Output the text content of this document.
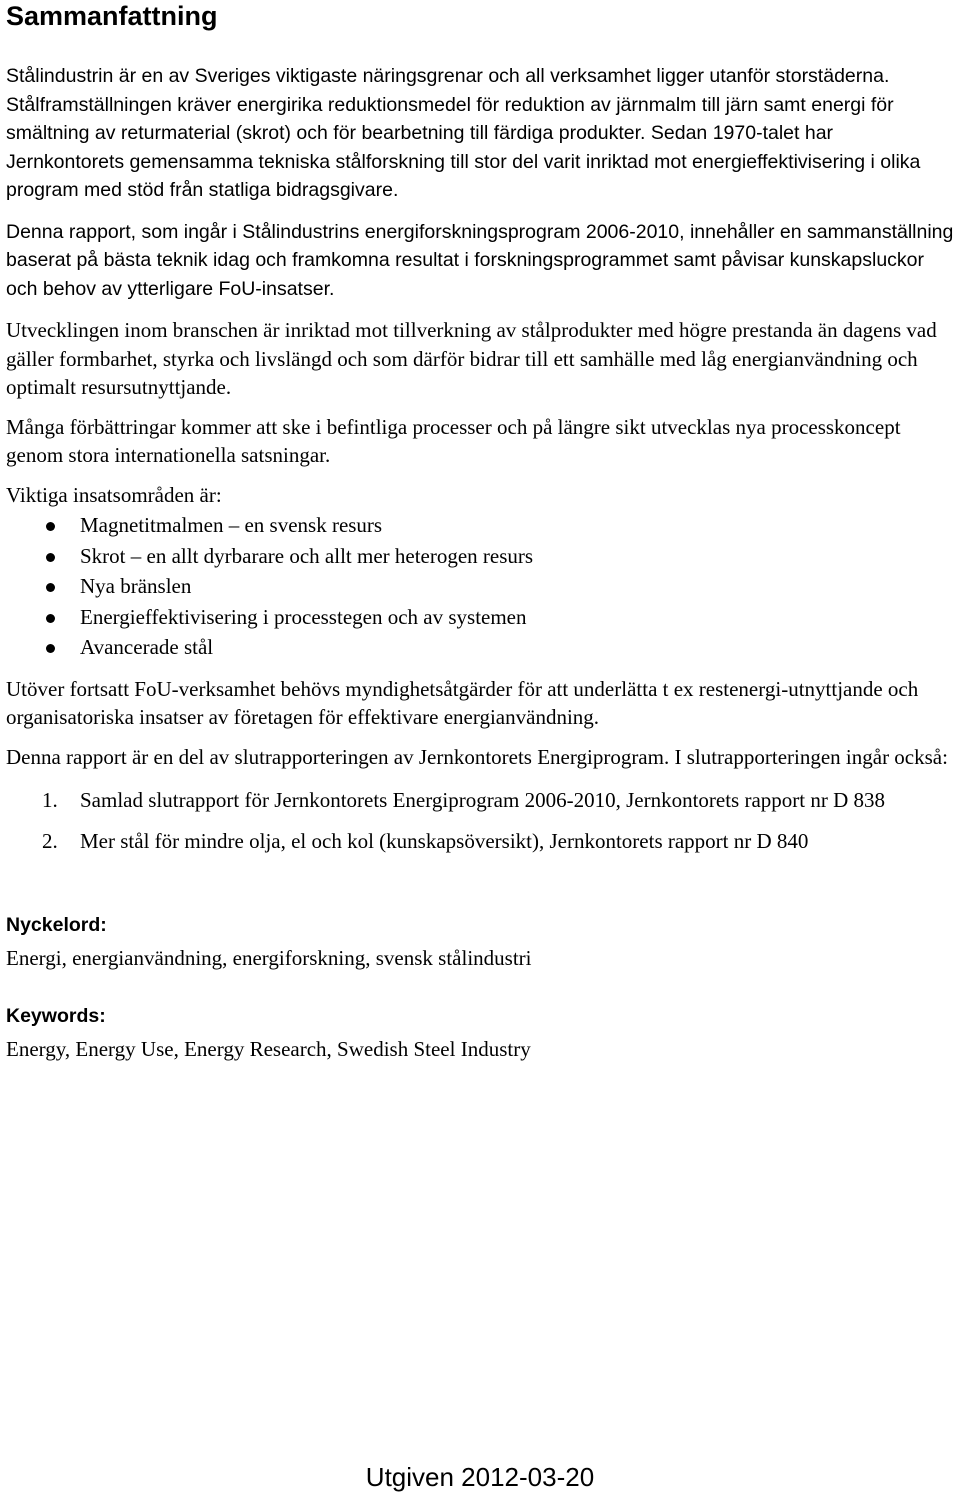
Sammanfattning

Stålindustrin är en av Sveriges viktigaste näringsgrenar och all verksamhet ligger utanför storstäderna. Stålframställningen kräver energirika reduktionsmedel för reduktion av järnmalm till järn samt energi för smältning av returmaterial (skrot) och för bearbetning till färdiga produkter. Sedan 1970-talet har Jernkontorets gemensamma tekniska stålforskning till stor del varit inriktad mot energieffektivisering i olika program med stöd från statliga bidragsgivare.

Denna rapport, som ingår i Stålindustrins energiforskningsprogram 2006-2010, innehåller en sammanställning baserat på bästa teknik idag och framkomna resultat i forskningsprogrammet samt påvisar kunskapsluckor och behov av ytterligare FoU-insatser.

Utvecklingen inom branschen är inriktad mot tillverkning av stålprodukter med högre prestanda än dagens vad gäller formbarhet, styrka och livslängd och som därför bidrar till ett samhälle med låg energianvändning och optimalt resursutnyttjande.

Många förbättringar kommer att ske i befintliga processer och på längre sikt utvecklas nya processkoncept genom stora internationella satsningar.

Viktiga insatsområden är:

Magnetitmalmen – en svensk resurs
Skrot – en allt dyrbarare och allt mer heterogen resurs
Nya bränslen
Energieffektivisering i processtegen och av systemen
Avancerade stål

Utöver fortsatt FoU-verksamhet behövs myndighetsåtgärder för att underlätta t ex restenergi-utnyttjande och organisatoriska insatser av företagen för effektivare energianvändning.

Denna rapport är en del av slutrapporteringen av Jernkontorets Energiprogram. I slutrapporteringen ingår också:

1. Samlad slutrapport för Jernkontorets Energiprogram 2006-2010, Jernkontorets rapport nr D 838
2. Mer stål för mindre olja, el och kol (kunskapsöversikt), Jernkontorets rapport nr D 840
Nyckelord:

Energi, energianvändning, energiforskning, svensk stålindustri

Keywords:

Energy, Energy Use, Energy Research, Swedish Steel Industry

Utgiven 2012-03-20
